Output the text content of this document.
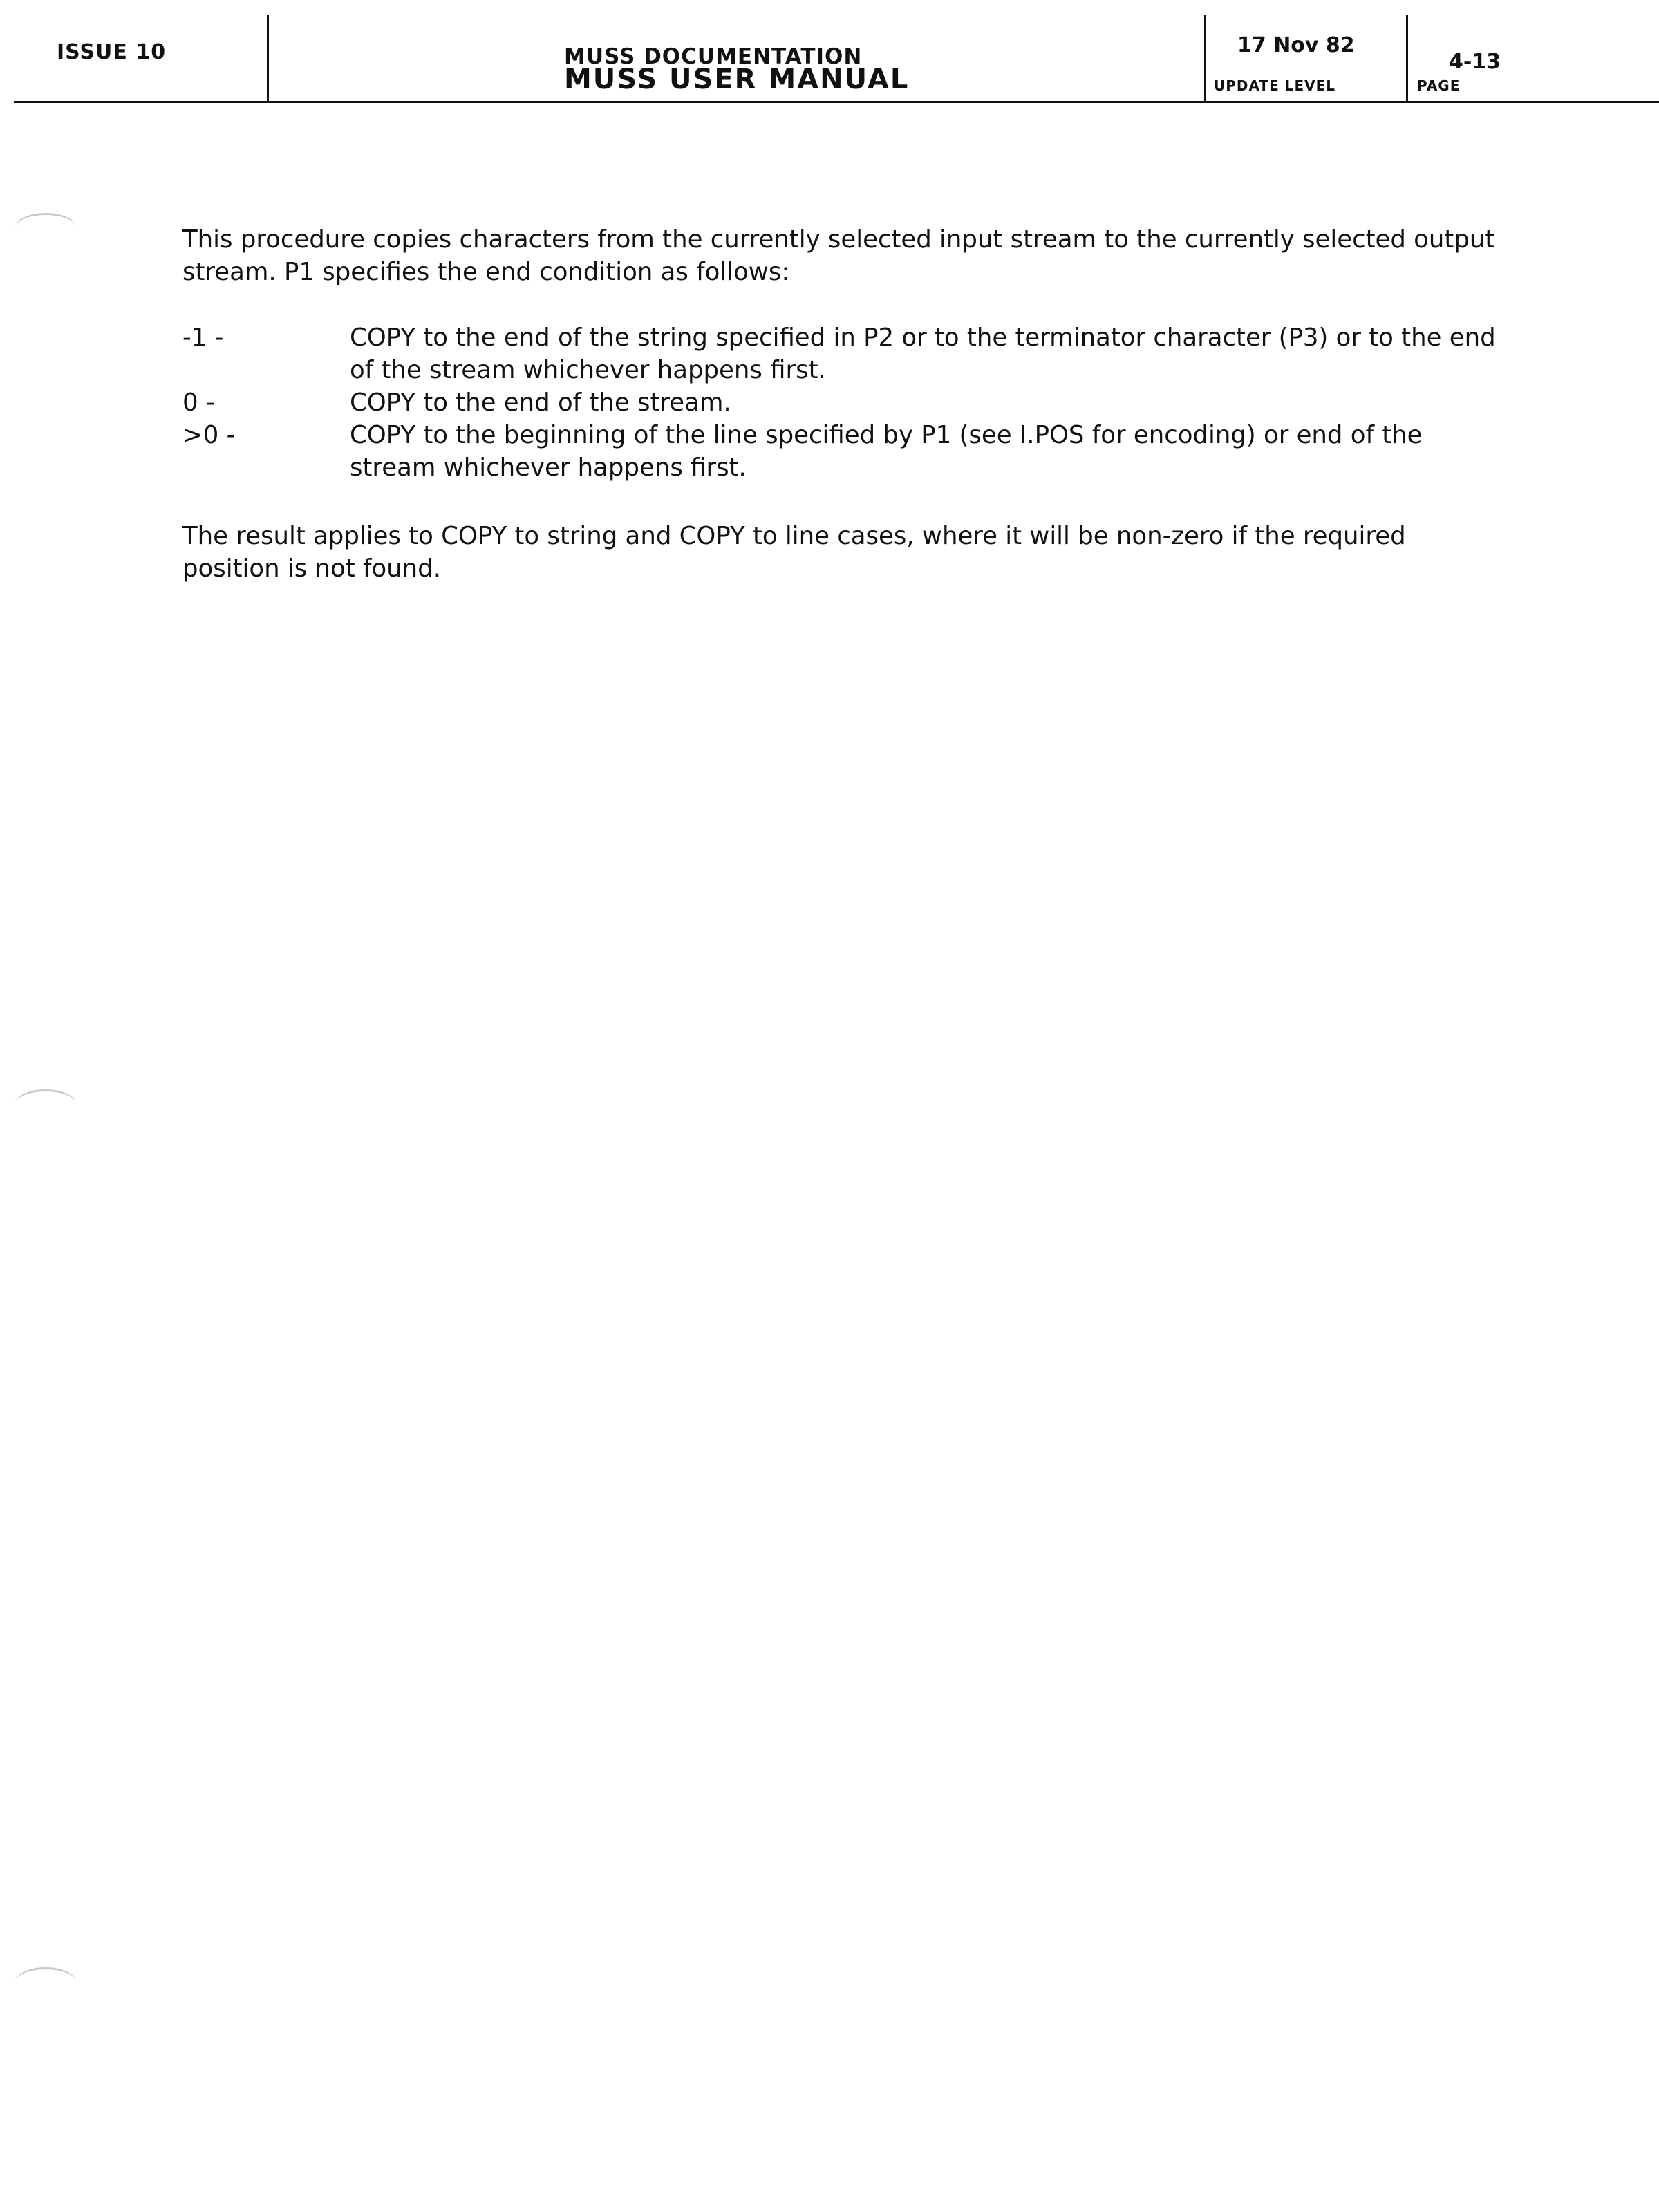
ISSUE 10	MUSS DOCUMENTATION
MUSS USER MANUAL
17 Nov 82
UPDATE LEVEL
4-13
PAGE

This procedure copies characters from the currently selected input stream to the currently selected output stream. P1 specifies the end condition as follows:

-1 -	COPY to the end of the string specified in P2 or to the terminator character (P3) or to the end of the stream whichever happens first.
0 -	COPY to the end of the stream.
>0 -	COPY to the beginning of the line specified by P1 (see I.POS for encoding) or end of the stream whichever happens first.

The result applies to COPY to string and COPY to line cases, where it will be non-zero if the required position is not found.
